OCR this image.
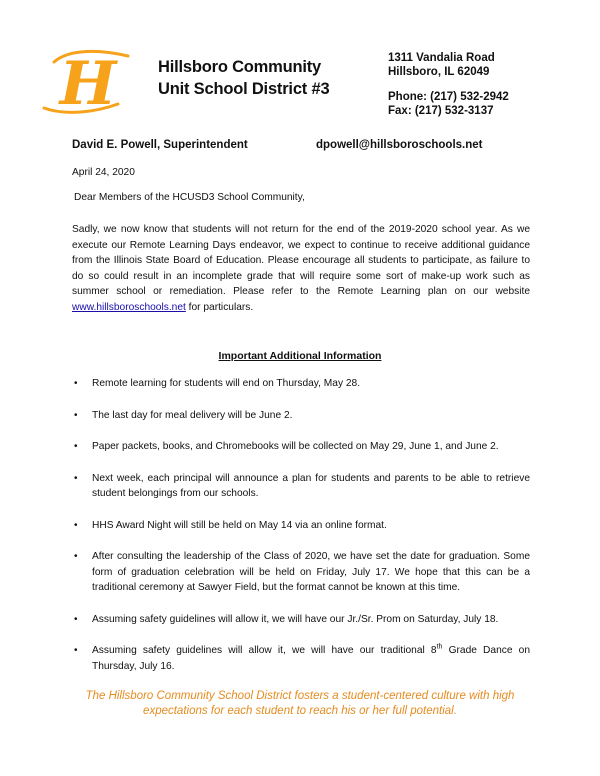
H	Hillsboro Community
Unit School District #3
1311 Vandalia Road
Hillsboro, IL 62049
Phone: (217) 532-2942
Fax: (217) 532-3137
David E. Powell, Superintendent	dpowell@hillsboroschools.net
April 24, 2020
Dear Members of the HCUSD3 School Community,
Sadly, we now know that students will not return for the end of the 2019-2020 school year. As we execute our Remote Learning Days endeavor, we expect to continue to receive additional guidance from the Illinois State Board of Education. Please encourage all students to participate, as failure to do so could result in an incomplete grade that will require some sort of make-up work such as summer school or remediation. Please refer to the Remote Learning plan on our website www.hillsboroschools.net for particulars.
Important Additional Information
• Remote learning for students will end on Thursday, May 28.
• The last day for meal delivery will be June 2.
• Paper packets, books, and Chromebooks will be collected on May 29, June 1, and June 2.
• Next week, each principal will announce a plan for students and parents to be able to retrieve student belongings from our schools.
• HHS Award Night will still be held on May 14 via an online format.
• After consulting the leadership of the Class of 2020, we have set the date for graduation. Some form of graduation celebration will be held on Friday, July 17. We hope that this can be a traditional ceremony at Sawyer Field, but the format cannot be known at this time.
• Assuming safety guidelines will allow it, we will have our Jr./Sr. Prom on Saturday, July 18.
• Assuming safety guidelines will allow it, we will have our traditional 8th Grade Dance on Thursday, July 16.
The Hillsboro Community School District fosters a student-centered culture with high expectations for each student to reach his or her full potential.
